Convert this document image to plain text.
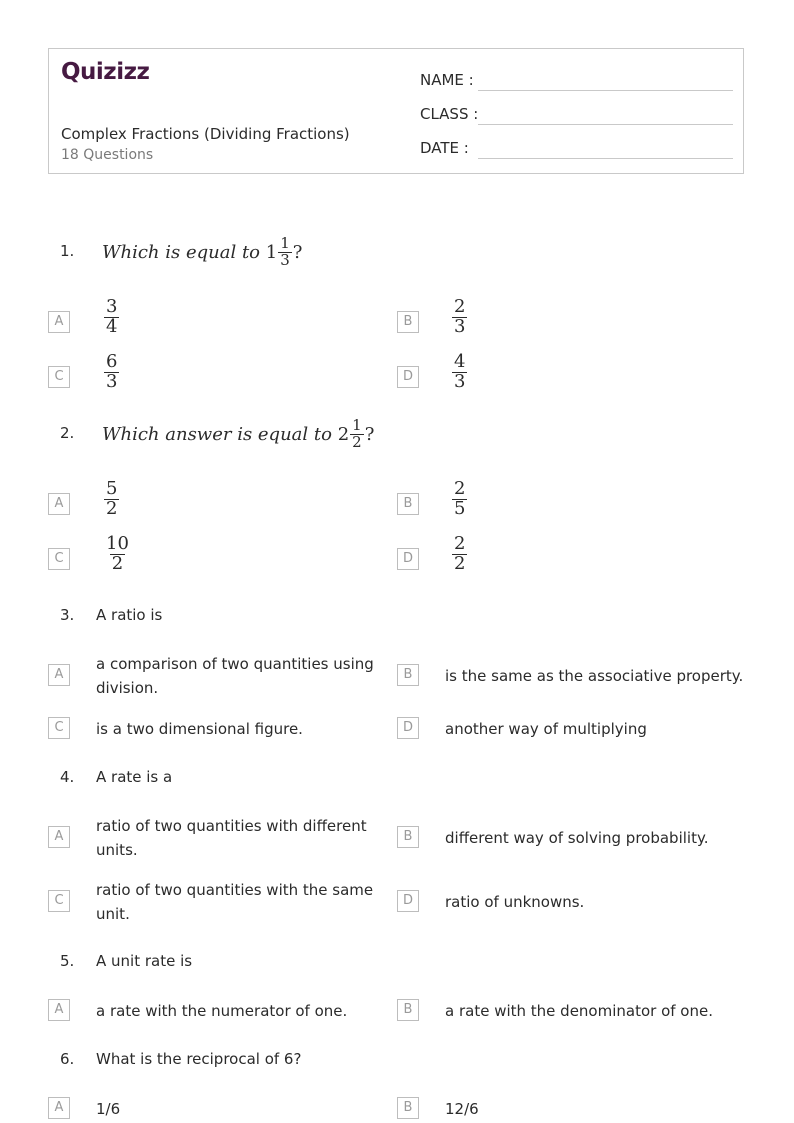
Quizizz
Complex Fractions (Dividing Fractions)
18 Questions
NAME :
CLASS :
DATE :
1. Which is equal to
$1 \frac{1}{3}$ ?
A	$\frac{3}{4}$	B	$\frac{2}{3}$
C	$\frac{6}{3}$	D	$\frac{4}{3}$
2. Which answer is equal to
$2 \frac{1}{2}$ ?
A	$\frac{5}{2}$	B	$\frac{2}{5}$
C	$\frac{10}{2}$	D	$\frac{2}{2}$
3. A ratio is
A
a comparison of two quantities using division.
B	is the same as the associative property.
C	is a two dimensional figure.	D	another way of multiplying
4. A rate is a
A
ratio of two quantities with different units.
B	different way of solving probability.
C
ratio of two quantities with the same unit.
D	ratio of unknowns.
5. A unit rate is
A	a rate with the numerator of one.	B	a rate with the denominator of one.
6. What is the reciprocal of 6?
A	1/6	B	12/6
